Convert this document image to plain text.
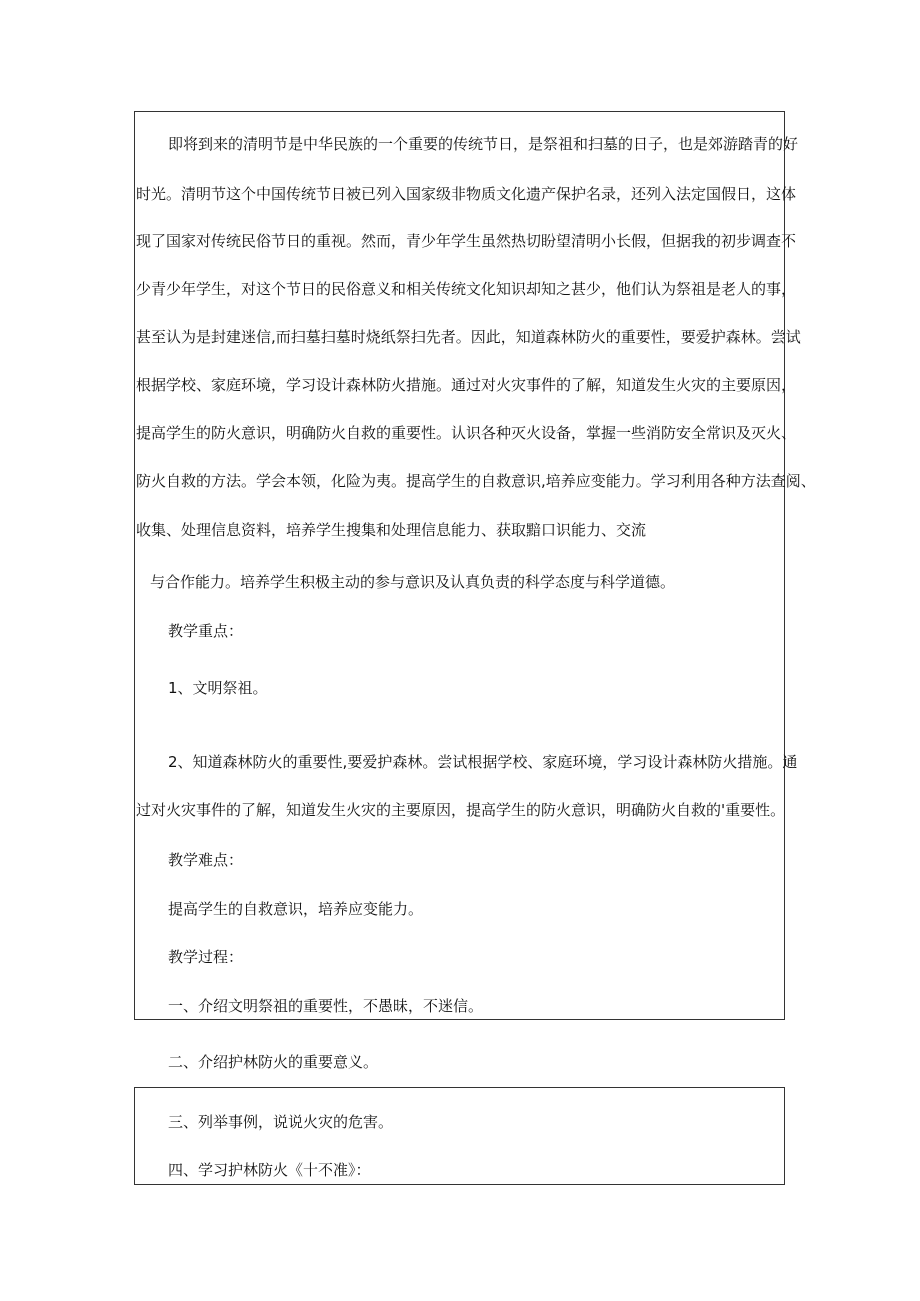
即将到来的清明节是中华民族的一个重要的传统节日，是祭祖和扫墓的日子，也是郊游踏青的好
时光。清明节这个中国传统节日被已列入国家级非物质文化遗产保护名录，还列入法定国假日，这体
现了国家对传统民俗节日的重视。然而，青少年学生虽然热切盼望清明小长假，但据我的初步调查不
少青少年学生，对这个节日的民俗意义和相关传统文化知识却知之甚少，他们认为祭祖是老人的事，
甚至认为是封建迷信,而扫墓扫墓时烧纸祭扫先者。因此，知道森林防火的重要性，要爱护森林。尝试
根据学校、家庭环境，学习设计森林防火措施。通过对火灾事件的了解，知道发生火灾的主要原因，
提高学生的防火意识，明确防火自救的重要性。认识各种灭火设备，掌握一些消防安全常识及灭火、
防火自救的方法。学会本领，化险为夷。提高学生的自救意识,培养应变能力。学习利用各种方法查阅、
收集、处理信息资料，培养学生搜集和处理信息能力、获取黯口识能力、交流
与合作能力。培养学生积极主动的参与意识及认真负责的科学态度与科学道德。
教学重点：
1、文明祭祖。
2、知道森林防火的重要性,要爱护森林。尝试根据学校、家庭环境，学习设计森林防火措施。通
过对火灾事件的了解，知道发生火灾的主要原因，提高学生的防火意识，明确防火自救的'重要性。
教学难点：
提高学生的自救意识，培养应变能力。
教学过程：
一、介绍文明祭祖的重要性，不愚昧，不迷信。
二、介绍护林防火的重要意义。
三、列举事例，说说火灾的危害。
四、学习护林防火《十不准》：
